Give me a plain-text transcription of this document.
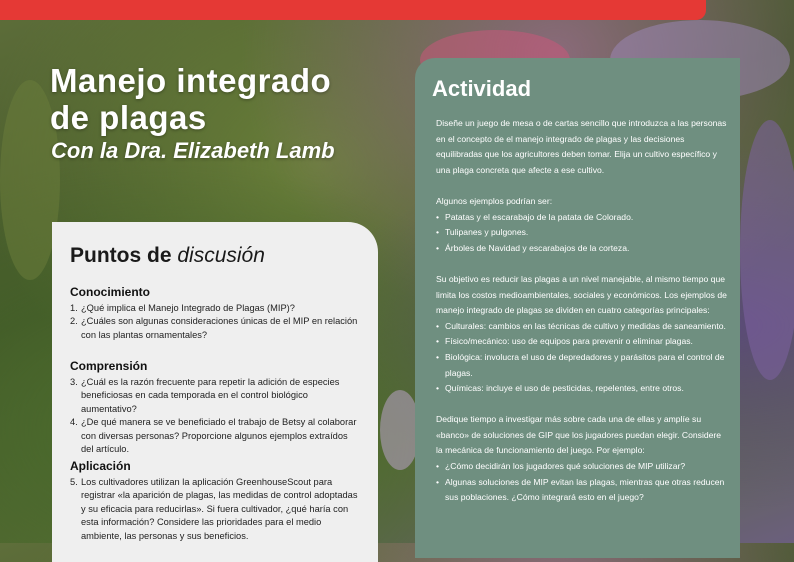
Manejo integrado
de plagas
Con la Dra. Elizabeth Lamb
Puntos de discusión
Conocimiento
1. ¿Qué implica el Manejo Integrado de Plagas (MIP)?
2. ¿Cuáles son algunas consideraciones únicas de el MIP en relación con las plantas ornamentales?
Comprensión
3. ¿Cuál es la razón frecuente para repetir la adición de especies beneficiosas en cada temporada en el control biológico aumentativo?
4. ¿De qué manera se ve beneficiado el trabajo de Betsy al colaborar con diversas personas? Proporcione algunos ejemplos extraídos del artículo.
Aplicación
5. Los cultivadores utilizan la aplicación GreenhouseScout para registrar «la aparición de plagas, las medidas de control adoptadas y su eficacia para reducirlas». Si fuera cultivador, ¿qué haría con esta información? Considere las prioridades para el medio ambiente, las personas y sus beneficios.
Actividad

Diseñe un juego de mesa o de cartas sencillo que introduzca a las personas en el concepto de el manejo integrado de plagas y las decisiones equilibradas que los agricultores deben tomar. Elija un cultivo específico y una plaga concreta que afecte a ese cultivo.

Algunos ejemplos podrían ser:

• Patatas y el escarabajo de la patata de Colorado.
• Tulipanes y pulgones.
• Árboles de Navidad y escarabajos de la corteza.

Su objetivo es reducir las plagas a un nivel manejable, al mismo tiempo que limita los costos medioambientales, sociales y económicos. Los ejemplos de manejo integrado de plagas se dividen en cuatro categorías principales:

• Culturales: cambios en las técnicas de cultivo y medidas de saneamiento.
• Físico/mecánico: uso de equipos para prevenir o eliminar plagas.
• Biológica: involucra el uso de depredadores y parásitos para el control de plagas.
• Químicas: incluye el uso de pesticidas, repelentes, entre otros.

Dedique tiempo a investigar más sobre cada una de ellas y amplíe su «banco» de soluciones de GIP que los jugadores puedan elegir. Considere la mecánica de funcionamiento del juego. Por ejemplo:

• ¿Cómo decidirán los jugadores qué soluciones de MIP utilizar?
• Algunas soluciones de MIP evitan las plagas, mientras que otras reducen sus poblaciones. ¿Cómo integrará esto en el juego?
